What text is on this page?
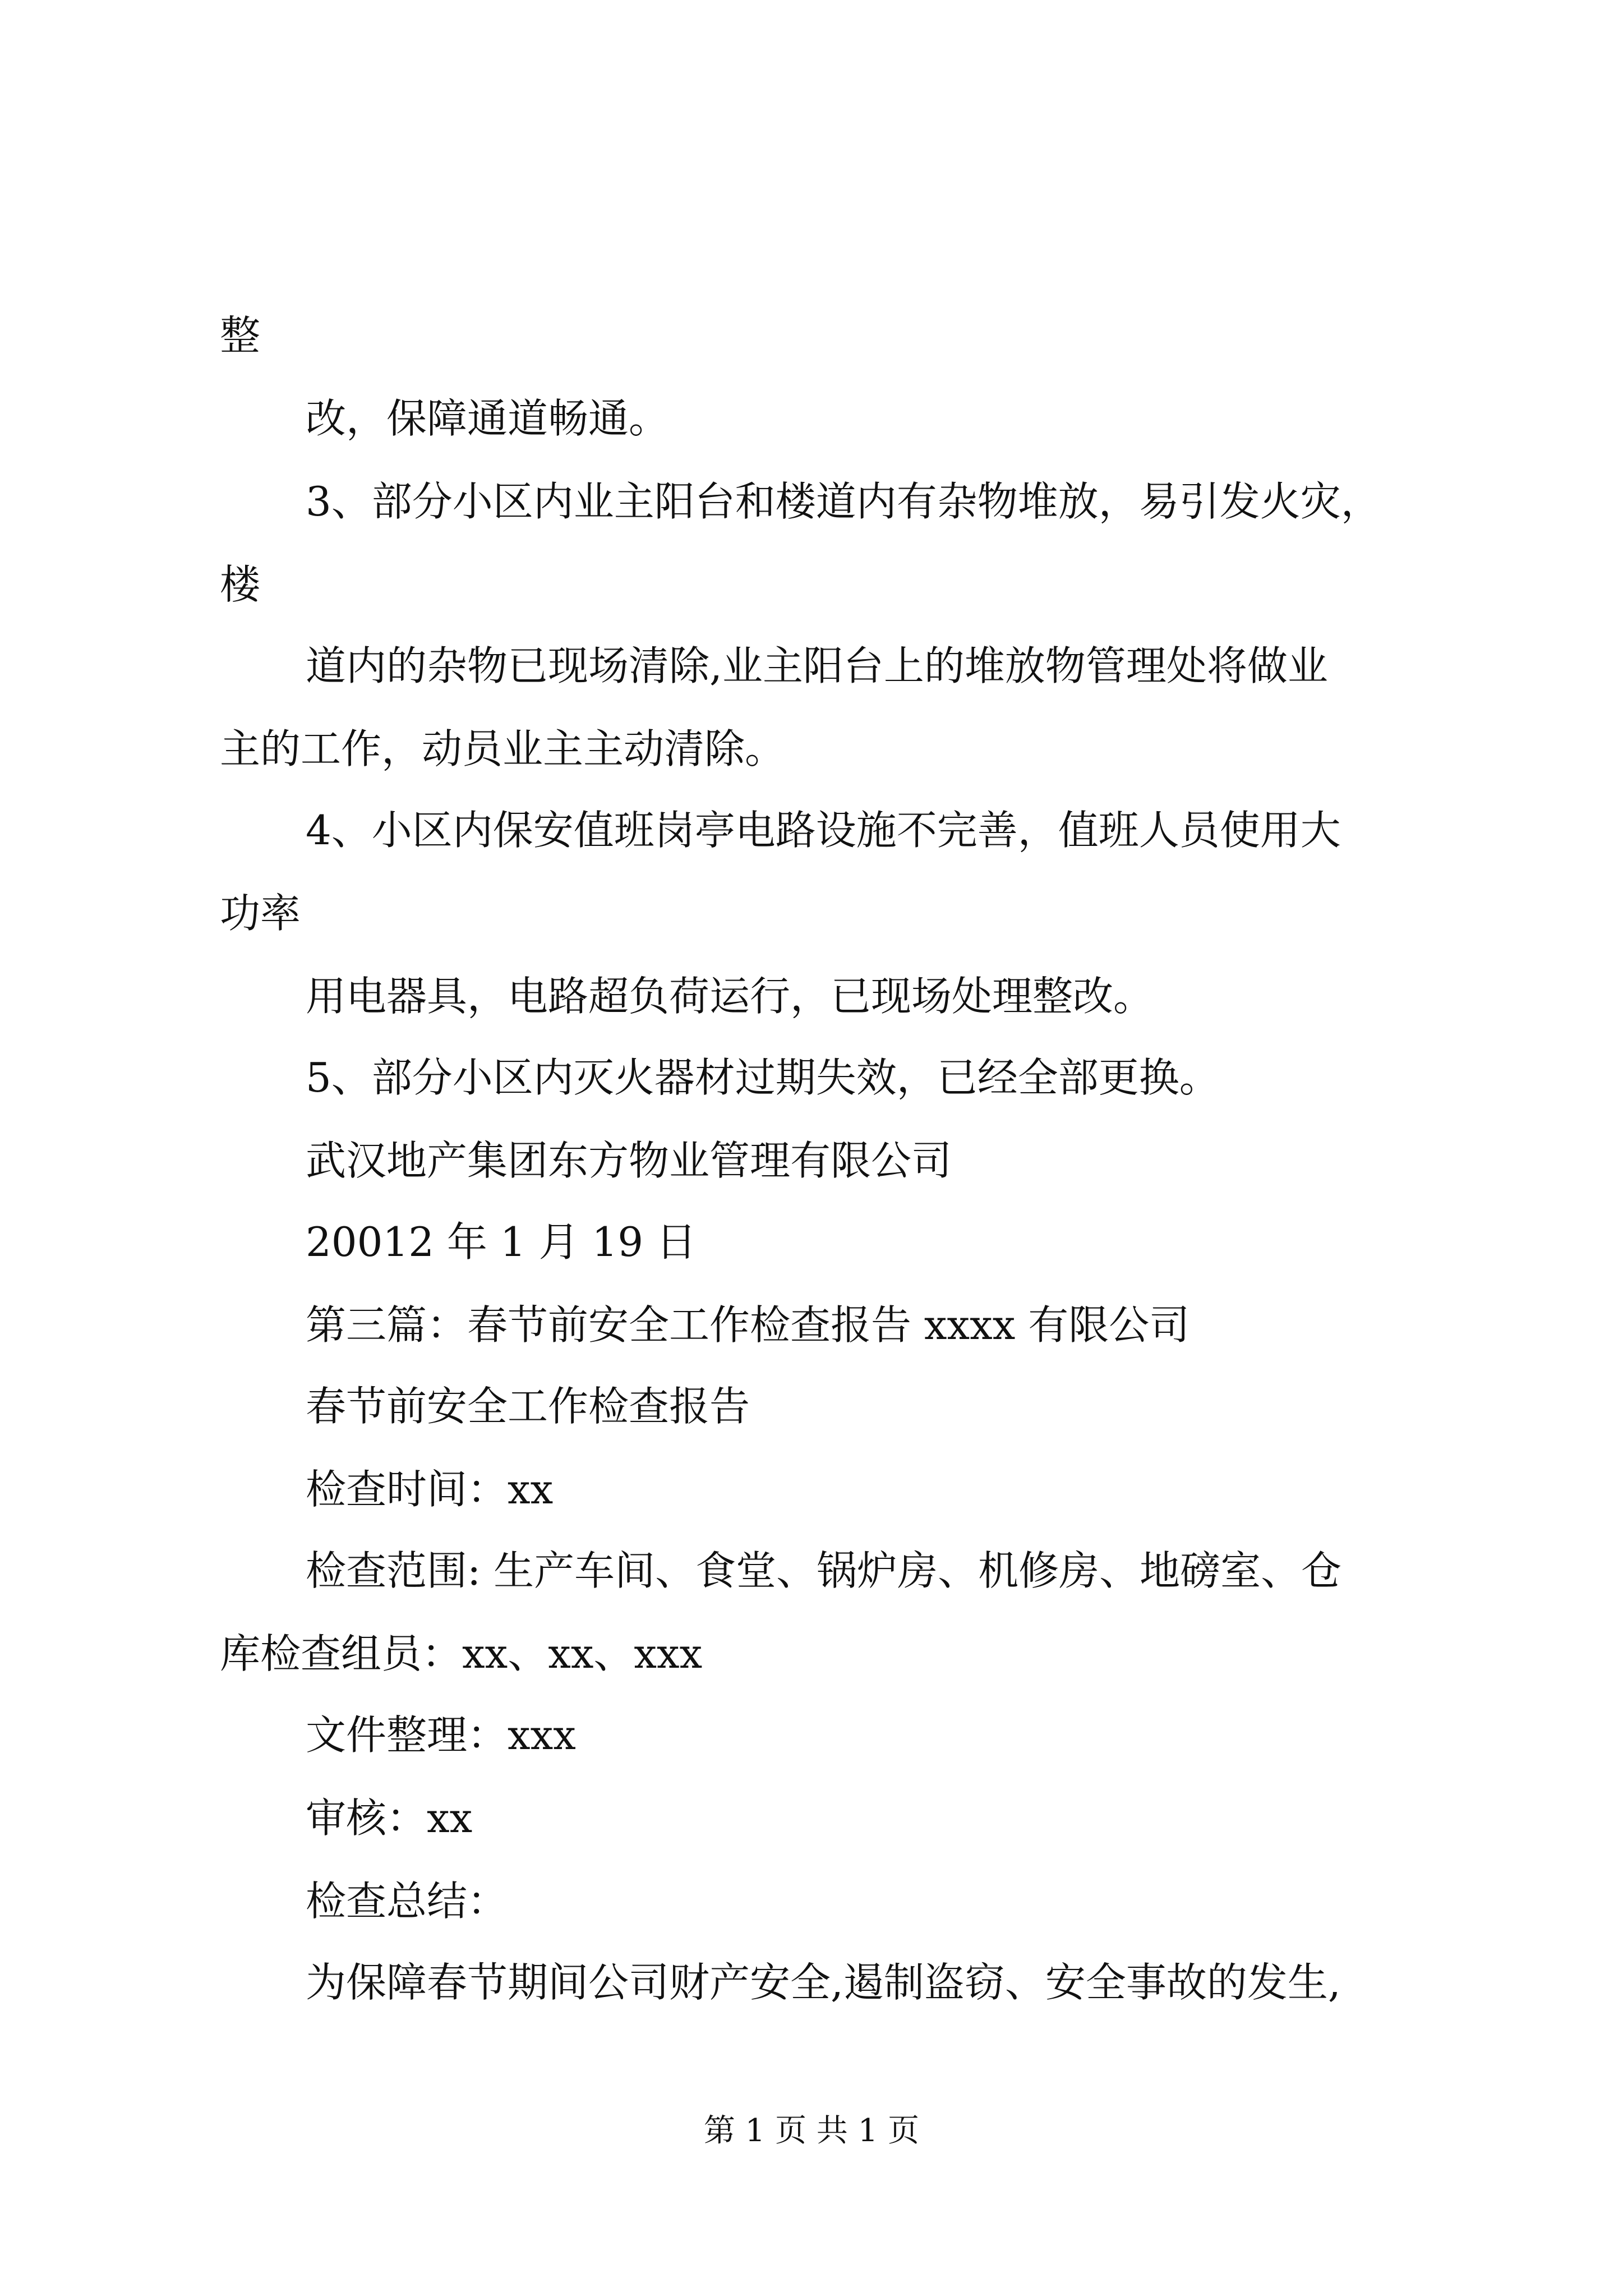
整
改，保障通道畅通。
3、部分小区内业主阳台和楼道内有杂物堆放，易引发火灾，
楼
道内的杂物已现场清除,业主阳台上的堆放物管理处将做业
主的工作，动员业主主动清除。
4、小区内保安值班岗亭电路设施不完善，值班人员使用大
功率
用电器具，电路超负荷运行，已现场处理整改。
5、部分小区内灭火器材过期失效，已经全部更换。
武汉地产集团东方物业管理有限公司
20012 年 1 月 19 日
第三篇：春节前安全工作检查报告 xxxx 有限公司
春节前安全工作检查报告
检查时间：xx
检查范围: 生产车间、食堂、锅炉房、机修房、地磅室、仓
库检查组员：xx、xx、xxx
文件整理：xxx
审核：xx
检查总结：
为保障春节期间公司财产安全,遏制盗窃、安全事故的发生,
第 1 页 共 1 页
